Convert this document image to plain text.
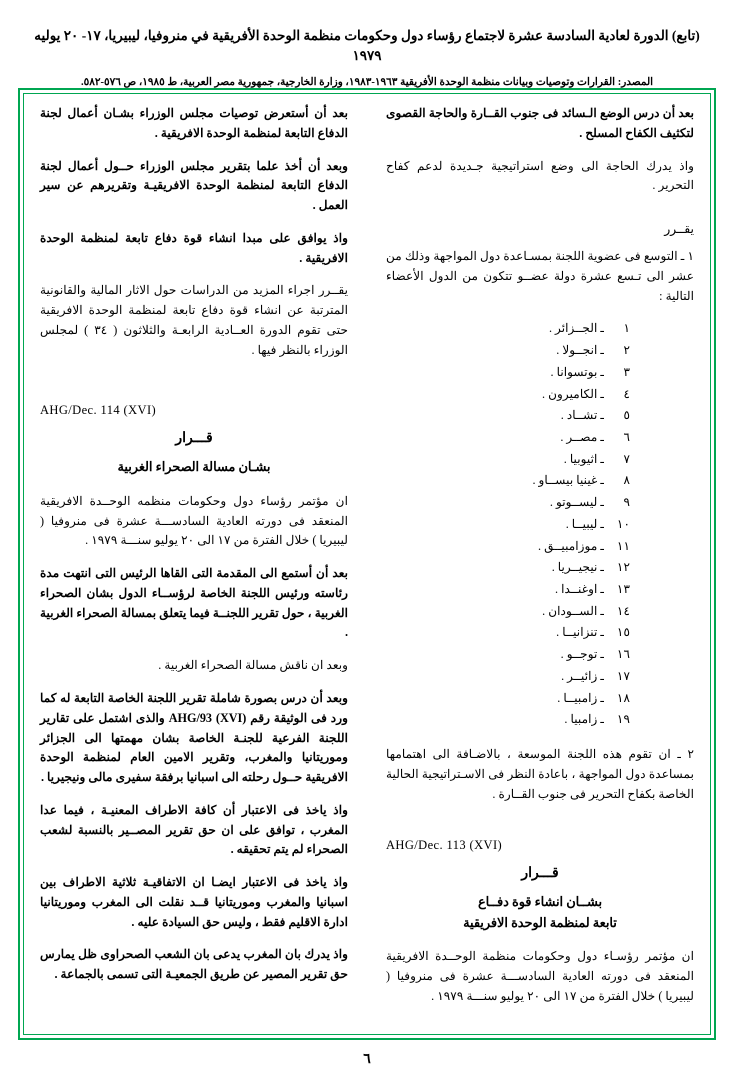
(تابع) الدورة لعادية السادسة عشرة لاجتماع رؤساء دول وحكومات منظمة الوحدة الأفريقية في منروفيا، ليبيريا، ١٧- ٢٠ يوليه ١٩٧٩
المصدر: القرارات وتوصيات وبيانات منظمة الوحدة الأفريقية ١٩٦٣-١٩٨٣، وزارة الخارجية، جمهورية مصر العربية، ط ١٩٨٥، ص ٥٧٦-٥٨٢.

بعد أن درس الوضع الـسائد فى جنوب القــارة والحاجة القصوى لتكثيف الكفاح المسلح .

واذ يدرك الحاجة الى وضع استراتيجية جـديدة لدعم كفاح التحرير .

يقــرر

١ ـ التوسع فى عضوية اللجنة بمسـاعدة دول المواجهة وذلك من عشر الى تـسع عشرة دولة عضــو تتكون من الدول الأعضاء التالية :

١ـ الجــزائر .
٢ـ انجــولا .
٣ـ بوتسوانا .
٤ـ الكاميرون .
٥ـ تشــاد .
٦ـ مصــر .
٧ـ اثيوبيا .
٨ـ غينيا بيســاو .
٩ـ ليســوتو .
١٠ـ ليبيــا .
١١ـ موزامبيــق .
١٢ـ نيجيــريا .
١٣ـ اوغنــدا .
١٤ـ الســودان .
١٥ـ تنزانيــا .
١٦ـ توجــو .
١٧ـ زائيــر .
١٨ـ زامبيــا .
١٩ـ زامبيا .

٢ ـ ان تقوم هذه اللجنة الموسعة ، بالاضـافة الى اهتمامها بمساعدة دول المواجهة ، باعادة النظر فى الاسـتراتيجية الحالية الخاصة بكفاح التحرير فى جنوب القــارة .

AHG/Dec. 113 (XVI)
قـــرار
بشــان انشاء قوة دفــاع
تابعة لمنظمة الوحدة الافريقية

ان مؤتمر رؤسـاء دول وحكومات منظمة الوحــدة الافريقية المنعقد فى دورته العادية السادســـة عشرة فى منروفيا ( ليبيريا ) خلال الفترة من ١٧ الى ٢٠ يوليو سنـــة ١٩٧٩ .

بعد أن أستعرض توصيات مجلس الوزراء بشـان أعمال لجنة الدفاع التابعة لمنظمة الوحدة الافريقية .

وبعد أن أخذ علما بتقرير مجلس الوزراء حــول أعمال لجنة الدفاع التابعة لمنظمة الوحدة الافريقيـة وتقريرهم عن سير العمل .

واذ يوافق على مبدا انشاء قوة دفاع تابعة لمنظمة الوحدة الافريقية .

يقــرر اجراء المزيد من الدراسات حول الاثار المالية والقانونية المترتبة عن انشاء قوة دفاع تابعة لمنظمة الوحدة الافريقية حتى تقوم الدورة العــادية الرابعـة والثلاثون ( ٣٤ ) لمجلس الوزراء بالنظر فيها .

AHG/Dec. 114 (XVI)
قـــرار
بشـان مسالة الصحراء الغربية

ان مؤتمر رؤساء دول وحكومات منظمه الوحــدة الافريقية المنعقد فى دورته العادية السادســـة عشرة فى منروفيا ( ليبيريا ) خلال الفترة من ١٧ الى ٢٠ يوليو سنـــة ١٩٧٩ .

بعد أن أستمع الى المقدمة التى القاها الرئيس التى انتهت مدة رئاسته ورئيس اللجنة الخاصة لرؤســاء الدول بشان الصحراء الغربية ، حول تقرير اللجنــة فيما يتعلق بمسالة الصحراء الغربية .

وبعد ان ناقش مسالة الصحراء الغربية .

وبعد أن درس بصورة شاملة تقرير اللجنة الخاصة التابعة له كما ورد فى الوثيقة رقم AHG/93 (XVI) والذى اشتمل على تقارير اللجنة الفرعية للجنـة الخاصة بشان مهمتها الى الجزائر وموريتانيا والمغرب، وتقرير الامين العام لمنظمة الوحدة الافريقية حــول رحلته الى اسبانيا برفقة سفيرى مالى ونيجيريا .

واذ ياخذ فى الاعتبار أن كافة الاطراف المعنيـة ، فيما عدا المغرب ، توافق على ان حق تقرير المصــير بالنسبة لشعب الصحراء لم يتم تحقيقه .

واذ ياخذ فى الاعتبار ايضـا ان الاتفاقيـة ثلاثية الاطراف بين اسبانيا والمغرب وموريتانيا قــد نقلت الى المغرب وموريتانيا ادارة الاقليم فقط ، وليس حق السيادة عليه .

واذ يدرك بان المغرب يدعى بان الشعب الصحراوى ظل يمارس حق تقرير المصير عن طريق الجمعيـة التى تسمى بالجماعة .

٦
